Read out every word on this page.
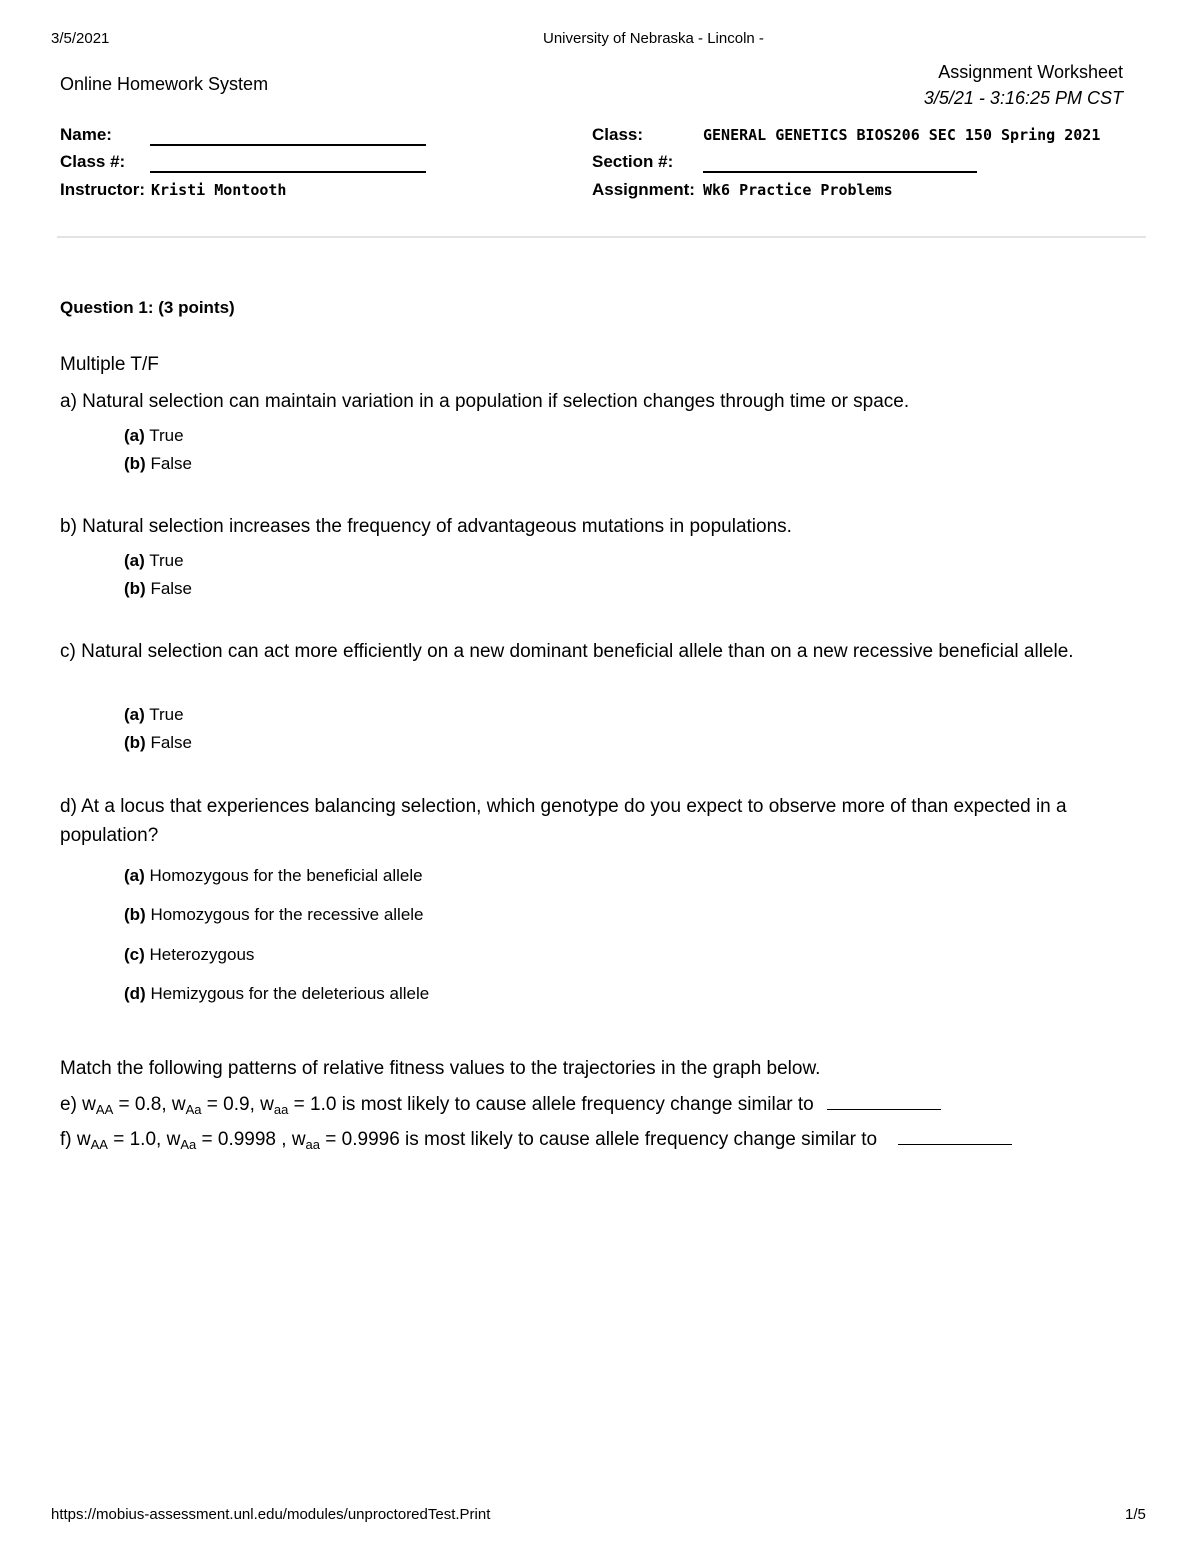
3/5/2021	University of Nebraska - Lincoln -
Online Homework System
Assignment Worksheet
3/5/21 - 3:16:25 PM CST
Name:
Class #:
Instructor: Kristi Montooth
Class:	GENERAL GENETICS BIOS206 SEC 150 Spring 2021
Section #:
Assignment: Wk6 Practice Problems
Question 1: (3 points)
Multiple T/F
a) Natural selection can maintain variation in a population if selection changes through time or space.
(a) True
(b) False
b) Natural selection increases the frequency of advantageous mutations in populations.
(a) True
(b) False
c) Natural selection can act more efficiently on a new dominant beneficial allele than on a new recessive beneficial allele.
(a) True
(b) False
d) At a locus that experiences balancing selection, which genotype do you expect to observe more of than expected in a population?
(a) Homozygous for the beneficial allele
(b) Homozygous for the recessive allele
(c) Heterozygous
(d) Hemizygous for the deleterious allele
Match the following patterns of relative fitness values to the trajectories in the graph below.
e) $w_{AA} = 0.8$, $w_{Aa} = 0.9$, $w_{aa} = 1.0$ is most likely to cause allele frequency change similar to
f) $w_{AA} = 1.0$, $w_{Aa} = 0.9998$ , $w_{aa} = 0.9996$ is most likely to cause allele frequency change similar to
https://mobius-assessment.unl.edu/modules/unproctoredTest.Print	1/5
